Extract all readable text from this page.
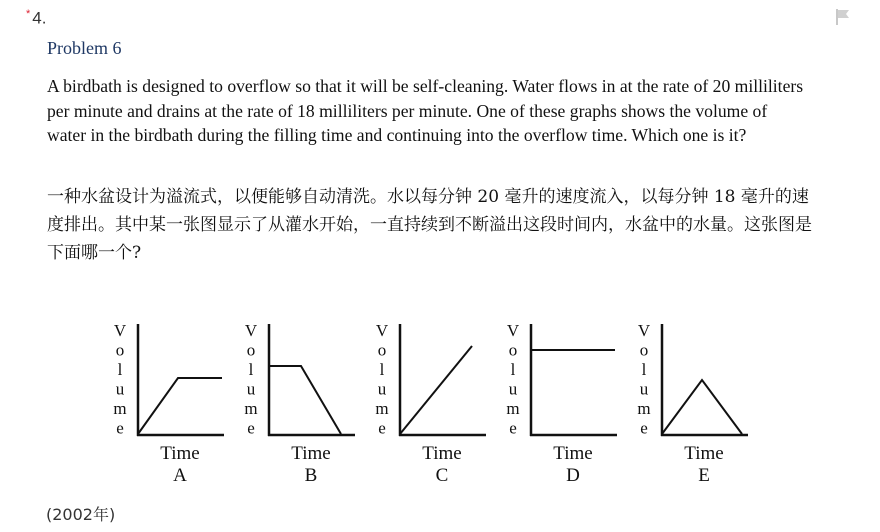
* 4.
Problem 6
A birdbath is designed to overflow so that it will be self-cleaning. Water flows in at the rate of 20 milliliters per minute and drains at the rate of 18 milliliters per minute. One of these graphs shows the volume of water in the birdbath during the filling time and continuing into the overflow time. Which one is it?
一种水盆设计为溢流式，以便能够自动清洗。水以每分钟 20 毫升的速度流入，以每分钟 18 毫升的速度排出。其中某一张图显示了从灌水开始，一直持续到不断溢出这段时间内，水盆中的水量。这张图是下面哪一个?
V
o
l
u
m
e
Time
A
V
o
l
u
m
e
Time
B
V
o
l
u
m
e
Time
C
V
o
l
u
m
e
Time
D
V
o
l
u
m
e
Time
E
(2002年)
